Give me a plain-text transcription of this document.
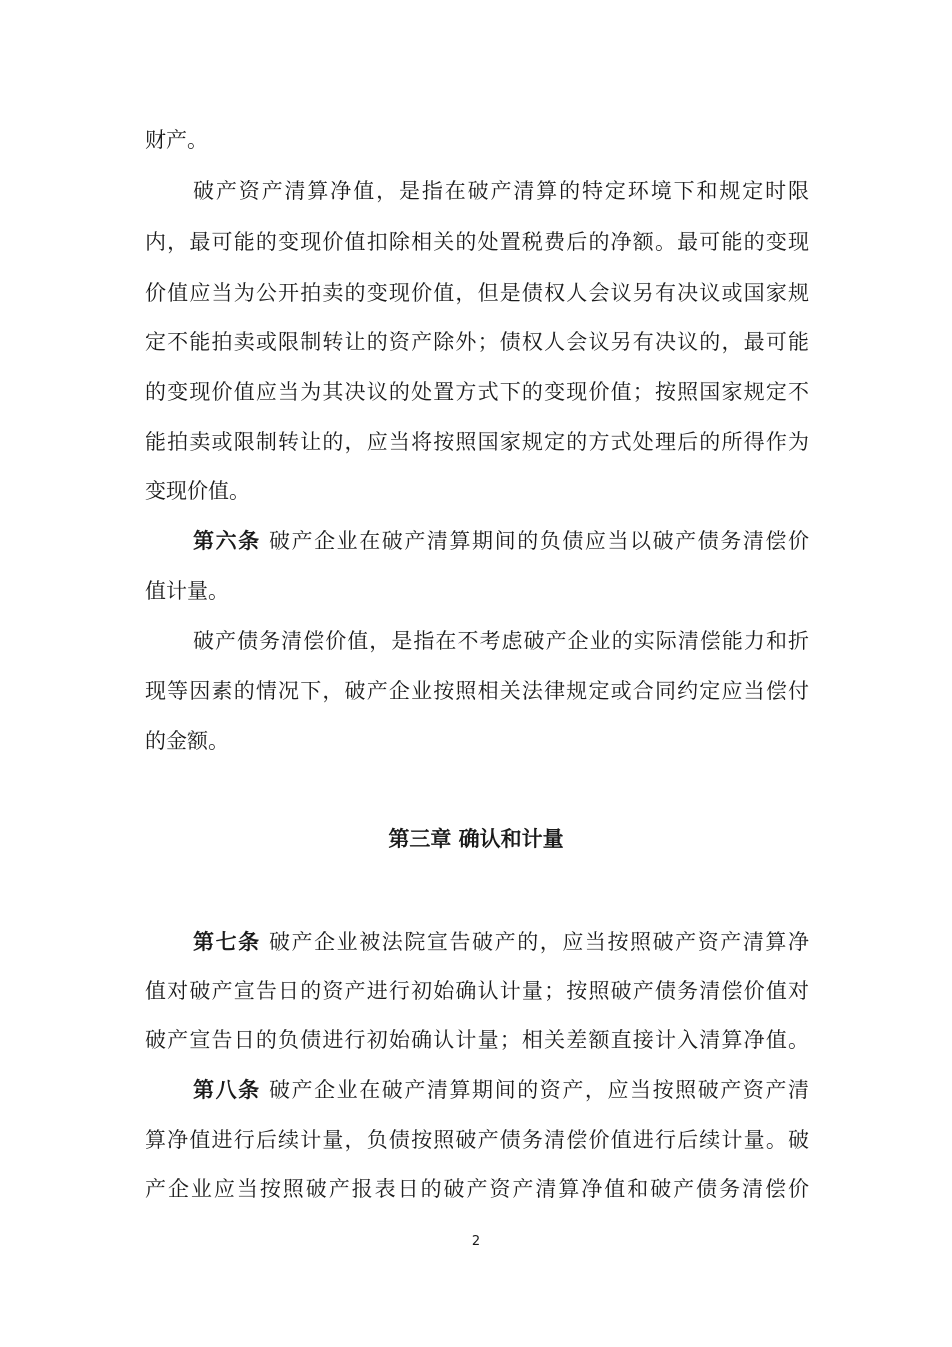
财产。
破产资产清算净值，是指在破产清算的特定环境下和规定时限
内，最可能的变现价值扣除相关的处置税费后的净额。最可能的变现
价值应当为公开拍卖的变现价值，但是债权人会议另有决议或国家规
定不能拍卖或限制转让的资产除外；债权人会议另有决议的，最可能
的变现价值应当为其决议的处置方式下的变现价值；按照国家规定不
能拍卖或限制转让的，应当将按照国家规定的方式处理后的所得作为
变现价值。
第六条 破产企业在破产清算期间的负债应当以破产债务清偿价
值计量。
破产债务清偿价值，是指在不考虑破产企业的实际清偿能力和折
现等因素的情况下，破产企业按照相关法律规定或合同约定应当偿付
的金额。
第三章 确认和计量
第七条 破产企业被法院宣告破产的，应当按照破产资产清算净
值对破产宣告日的资产进行初始确认计量；按照破产债务清偿价值对
破产宣告日的负债进行初始确认计量；相关差额直接计入清算净值。
第八条 破产企业在破产清算期间的资产，应当按照破产资产清
算净值进行后续计量，负债按照破产债务清偿价值进行后续计量。破
产企业应当按照破产报表日的破产资产清算净值和破产债务清偿价
2
